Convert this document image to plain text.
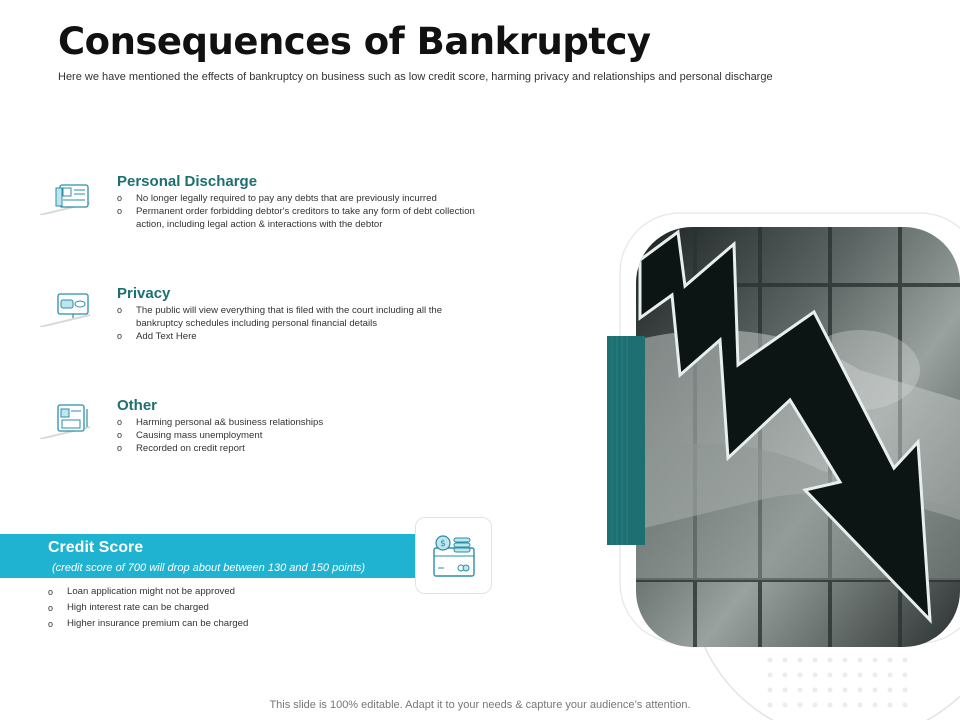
Consequences of Bankruptcy
Here we have mentioned the effects of bankruptcy on business such as low credit score, harming privacy and relationships and personal discharge
Personal Discharge
o No longer legally required to pay any debts that are previously incurred
o Permanent order forbidding debtor's creditors to take any form of debt collection action, including legal action & interactions with the debtor
Privacy
o The public will view everything that is filed with the court including all the bankruptcy schedules including personal financial details
o Add Text Here
Other
o Harming personal a& business relationships
o Causing mass unemployment
o Recorded on credit report
Credit Score
(credit score of 700 will drop about between 130 and 150 points)
$
o Loan application might not be approved
o High interest rate can be charged
o Higher insurance premium can be charged
This slide is 100% editable. Adapt it to your needs & capture your audience’s attention.
